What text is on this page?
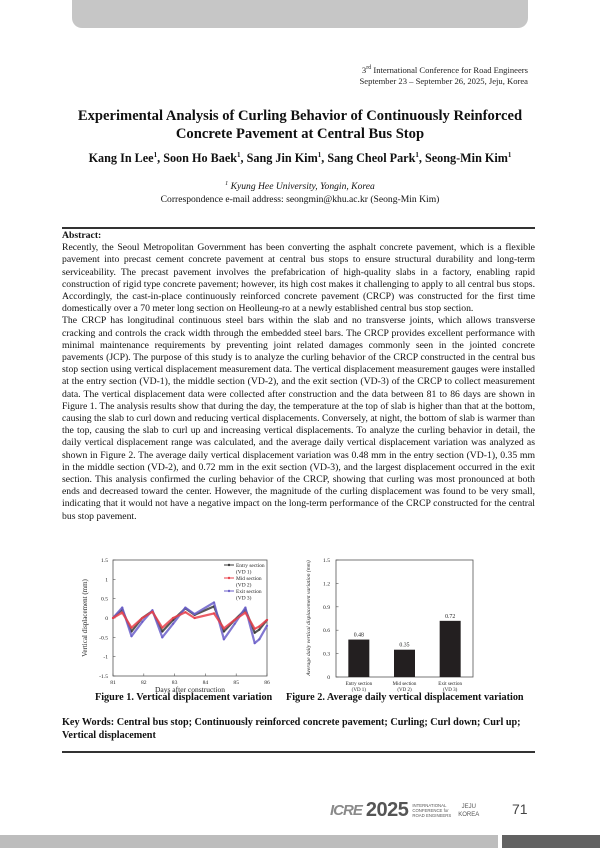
3rd International Conference for Road Engineers
September 23 – September 26, 2025, Jeju, Korea
Experimental Analysis of Curling Behavior of Continuously Reinforced
Concrete Pavement at Central Bus Stop
Kang In Lee$^1$, Soon Ho Baek$^1$, Sang Jin Kim$^1$, Sang Cheol Park$^1$, Seong-Min Kim$^1$
$^1$ Kyung Hee University, Yongin, Korea
Correspondence e-mail address: seongmin@khu.ac.kr (Seong-Min Kim)
Abstract:

Recently, the Seoul Metropolitan Government has been converting the asphalt concrete pavement, which is a flexible pavement into precast cement concrete pavement at central bus stops to ensure structural durability and long-term serviceability. The precast pavement involves the prefabrication of high-quality slabs in a factory, enabling rapid construction of rigid type concrete pavement; however, its high cost makes it challenging to apply to all central bus stops. Accordingly, the cast-in-place continuously reinforced concrete pavement (CRCP) was constructed for the first time domestically over a 70 meter long section on Heolleung-ro at a newly established central bus stop section.

The CRCP has longitudinal continuous steel bars within the slab and no transverse joints, which allows transverse cracking and controls the crack width through the embedded steel bars. The CRCP provides excellent performance with minimal maintenance requirements by preventing joint related damages commonly seen in the jointed concrete pavements (JCP). The purpose of this study is to analyze the curling behavior of the CRCP constructed in the central bus stop section using vertical displacement measurement data. The vertical displacement measurement gauges were installed at the entry section (VD-1), the middle section (VD-2), and the exit section (VD-3) of the CRCP to collect measurement data. The vertical displacement data were collected after construction and the data between 81 to 86 days are shown in Figure 1. The analysis results show that during the day, the temperature at the top of slab is higher than that at the bottom, causing the slab to curl down and reducing vertical displacements. Conversely, at night, the bottom of slab is warmer than the top, causing the slab to curl up and increasing vertical displacements. To analyze the curling behavior in detail, the daily vertical displacement range was calculated, and the average daily vertical displacement variation was analyzed as shown in Figure 2. The average daily vertical displacement variation was 0.48 mm in the entry section (VD-1), 0.35 mm in the middle section (VD-2), and 0.72 mm in the exit section (VD-3), and the largest displacement occurred in the exit section. This analysis confirmed the curling behavior of the CRCP, showing that curling was most pronounced at both ends and decreased toward the center. However, the magnitude of the curling displacement was found to be very small, indicating that it would not have a negative impact on the long-term performance of the CRCP constructed for the central bus stop pavement.

-1.5
-1
-0.5
0
0.5
1
1.5
81	82	83	84	85	86
Entry section
(VD 1)
Mid section
(VD 2)
Exit section
(VD 3)
Days after construction
Vertical displacement (mm)
0
0.3
0.6
0.9
1.2
1.5
0.48
0.35
0.72
Entry section
(VD 1)
Mid section
(VD 2)
Exit section
(VD 3)
Average daily vertical displacement variation (mm)
Figure 1. Vertical displacement variation Figure 2. Average daily vertical displacement variation
Key Words: Central bus stop; Continuously reinforced concrete pavement; Curling; Curl down; Curl up; Vertical displacement
ICRE 2025 INTERNATIONAL
CONFERENCE for
ROAD ENGINEERS
JEJU
KOREA 71
